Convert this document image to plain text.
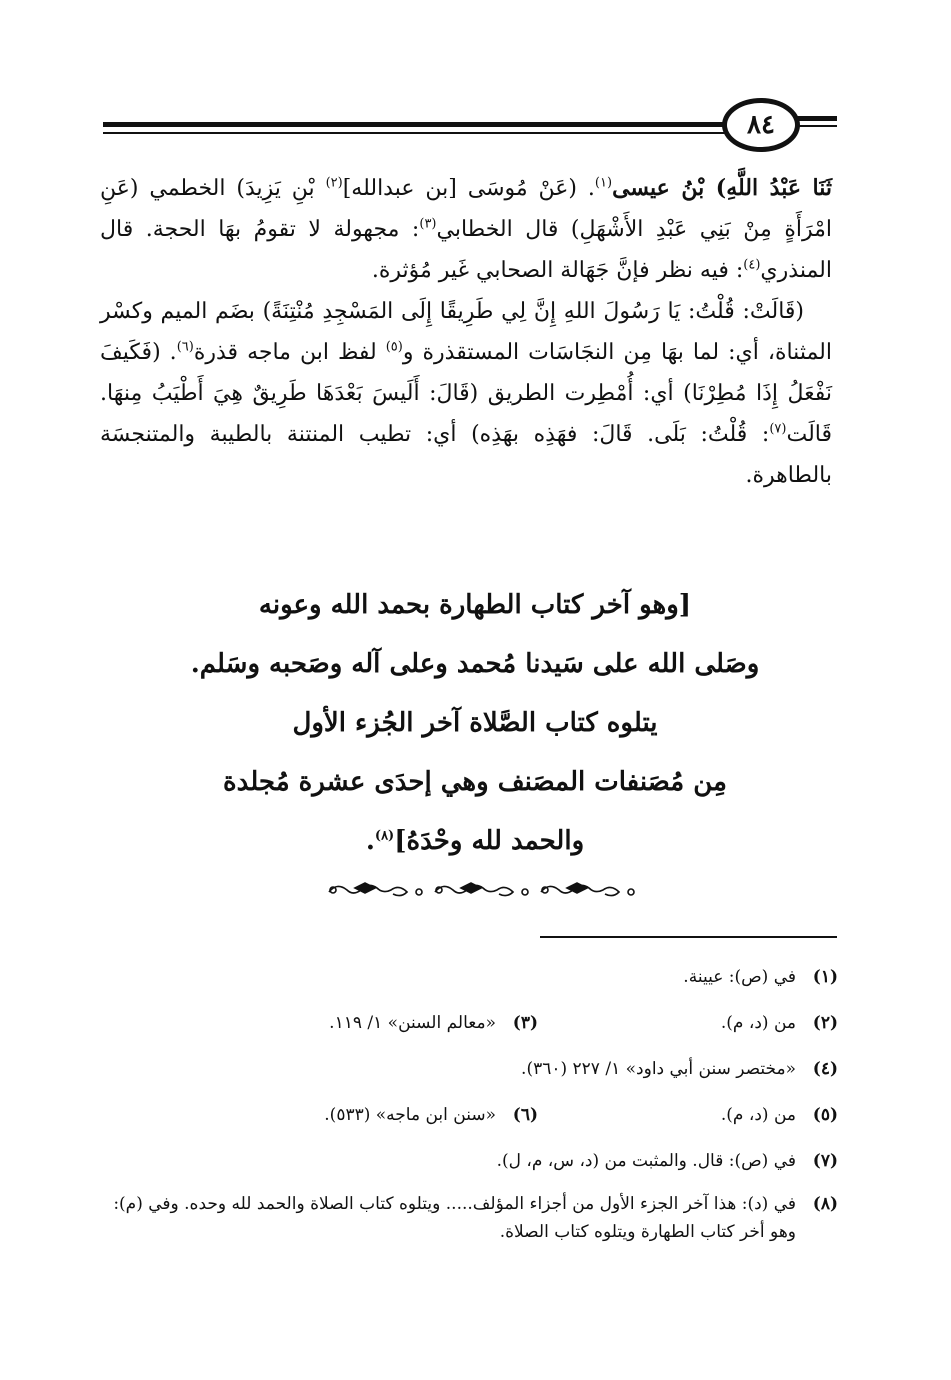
٨٤

ثَنَا عَبْدُ اللَّهِ) بْنُ عيسى$^{(١)}$. (عَنْ مُوسَى [بن عبدالله]$^{(٢)}$ بْنِ يَزِيدَ) الخطمي (عَنِ امْرَأَةٍ مِنْ بَنِي عَبْدِ الأَشْهَلِ) قال الخطابي$^{(٣)}$: مجهولة لا تقومُ بهَا الحجة. قال المنذري$^{(٤)}$: فيه نظر فإنَّ جَهَالة الصحابي غَير مُؤثرة.

(قَالَتْ: قُلْتُ: يَا رَسُولَ اللهِ إِنَّ لِي طَرِيقًا إِلَى المَسْجِدِ مُنْتِنَةً) بضَم الميم وكسْر المثناة، أي: لما بهَا مِن النجَاسَات المستقذرة و$^{(٥)}$ لفظ ابن ماجه قذرة$^{(٦)}$. (فَكَيفَ نَفْعَلُ إِذَا مُطِرْنَا) أي: أُمْطِرت الطريق (قَالَ: أَلَيسَ بَعْدَهَا طَرِيقٌ هِيَ أَطْيَبُ مِنهَا. قَالَت$^{(٧)}$: قُلْتُ: بَلَى. قَالَ: فهَذِه بهَذِه) أي: تطيب المنتنة بالطيبة والمتنجسَة بالطاهرة.

[وهو آخر كتاب الطهارة بحمد الله وعونه
وصَلى الله على سَيدنا مُحمد وعلى آله وصَحبه وسَلم.
يتلوه كتاب الصَّلاة آخر الجُزء الأول
مِن مُصَنفات المصَنف وهي إحدَى عشرة مُجلدة
والحمد لله وحْدَهُ]$^{(٨)}$.
(١)في (ص): عيينة.
(٢)من (د، م).
(٣)«معالم السنن» ١/ ١١٩.
(٤)«مختصر سنن أبي داود» ١/ ٢٢٧ (٣٦٠).
(٥)من (د، م).
(٦)«سنن ابن ماجه» (٥٣٣).
(٧)في (ص): قال. والمثبت من (د، س، م، ل).
(٨)
في (د): هذا آخر الجزء الأول من أجزاء المؤلف..... ويتلوه كتاب الصلاة والحمد لله وحده. وفي (م): وهو أخر كتاب الطهارة ويتلوه كتاب الصلاة.
